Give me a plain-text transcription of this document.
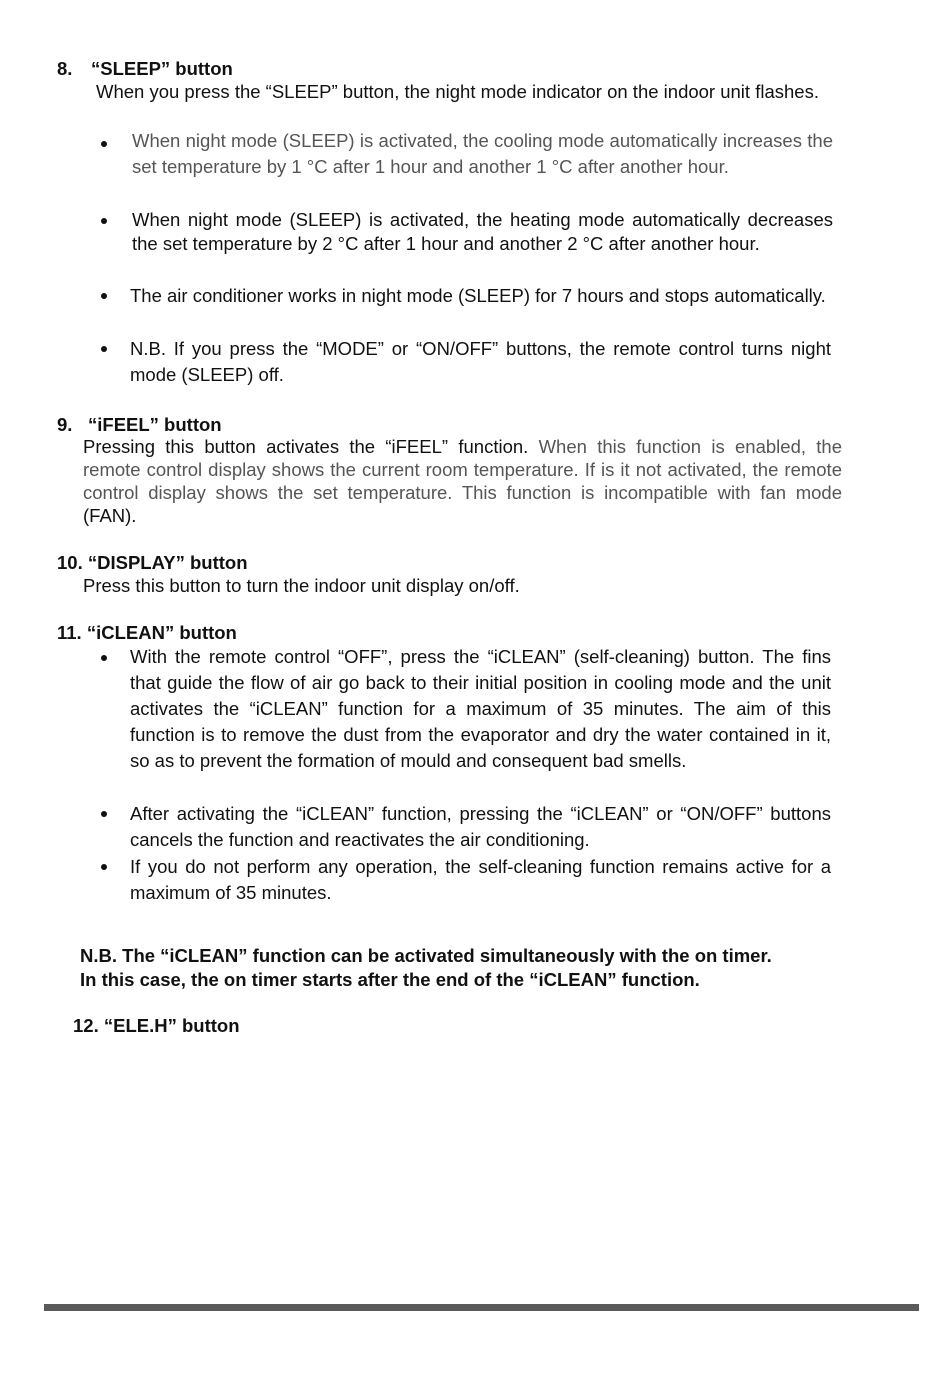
8. “SLEEP” button
When you press the “SLEEP” button, the night mode indicator on the indoor unit flashes.
When night mode (SLEEP) is activated, the cooling mode automatically increases the set temperature by 1 °C after 1 hour and another 1 °C after another hour.
When night mode (SLEEP) is activated, the heating mode automatically decreases the set temperature by 2 °C after 1 hour and another 2 °C after another hour.
The air conditioner works in night mode (SLEEP) for 7 hours and stops automatically.
N.B. If you press the “MODE” or “ON/OFF” buttons, the remote control turns night mode (SLEEP) off.
9. “iFEEL” button
Pressing this button activates the “iFEEL” function. When this function is enabled, the remote control display shows the current room temperature. If is it not activated, the remote control display shows the set temperature. This function is incompatible with fan mode (FAN).
10. “DISPLAY” button
Press this button to turn the indoor unit display on/off.
11. “iCLEAN” button
With the remote control “OFF”, press the “iCLEAN” (self-cleaning) button. The fins that guide the flow of air go back to their initial position in cooling mode and the unit activates the “iCLEAN” function for a maximum of 35 minutes. The aim of this function is to remove the dust from the evaporator and dry the water contained in it, so as to prevent the formation of mould and consequent bad smells.
After activating the “iCLEAN” function, pressing the “iCLEAN” or “ON/OFF” buttons cancels the function and reactivates the air conditioning.
If you do not perform any operation, the self-cleaning function remains active for a maximum of 35 minutes.
N.B. The “iCLEAN” function can be activated simultaneously with the on timer.
In this case, the on timer starts after the end of the “iCLEAN” function.
12. “ELE.H” button
